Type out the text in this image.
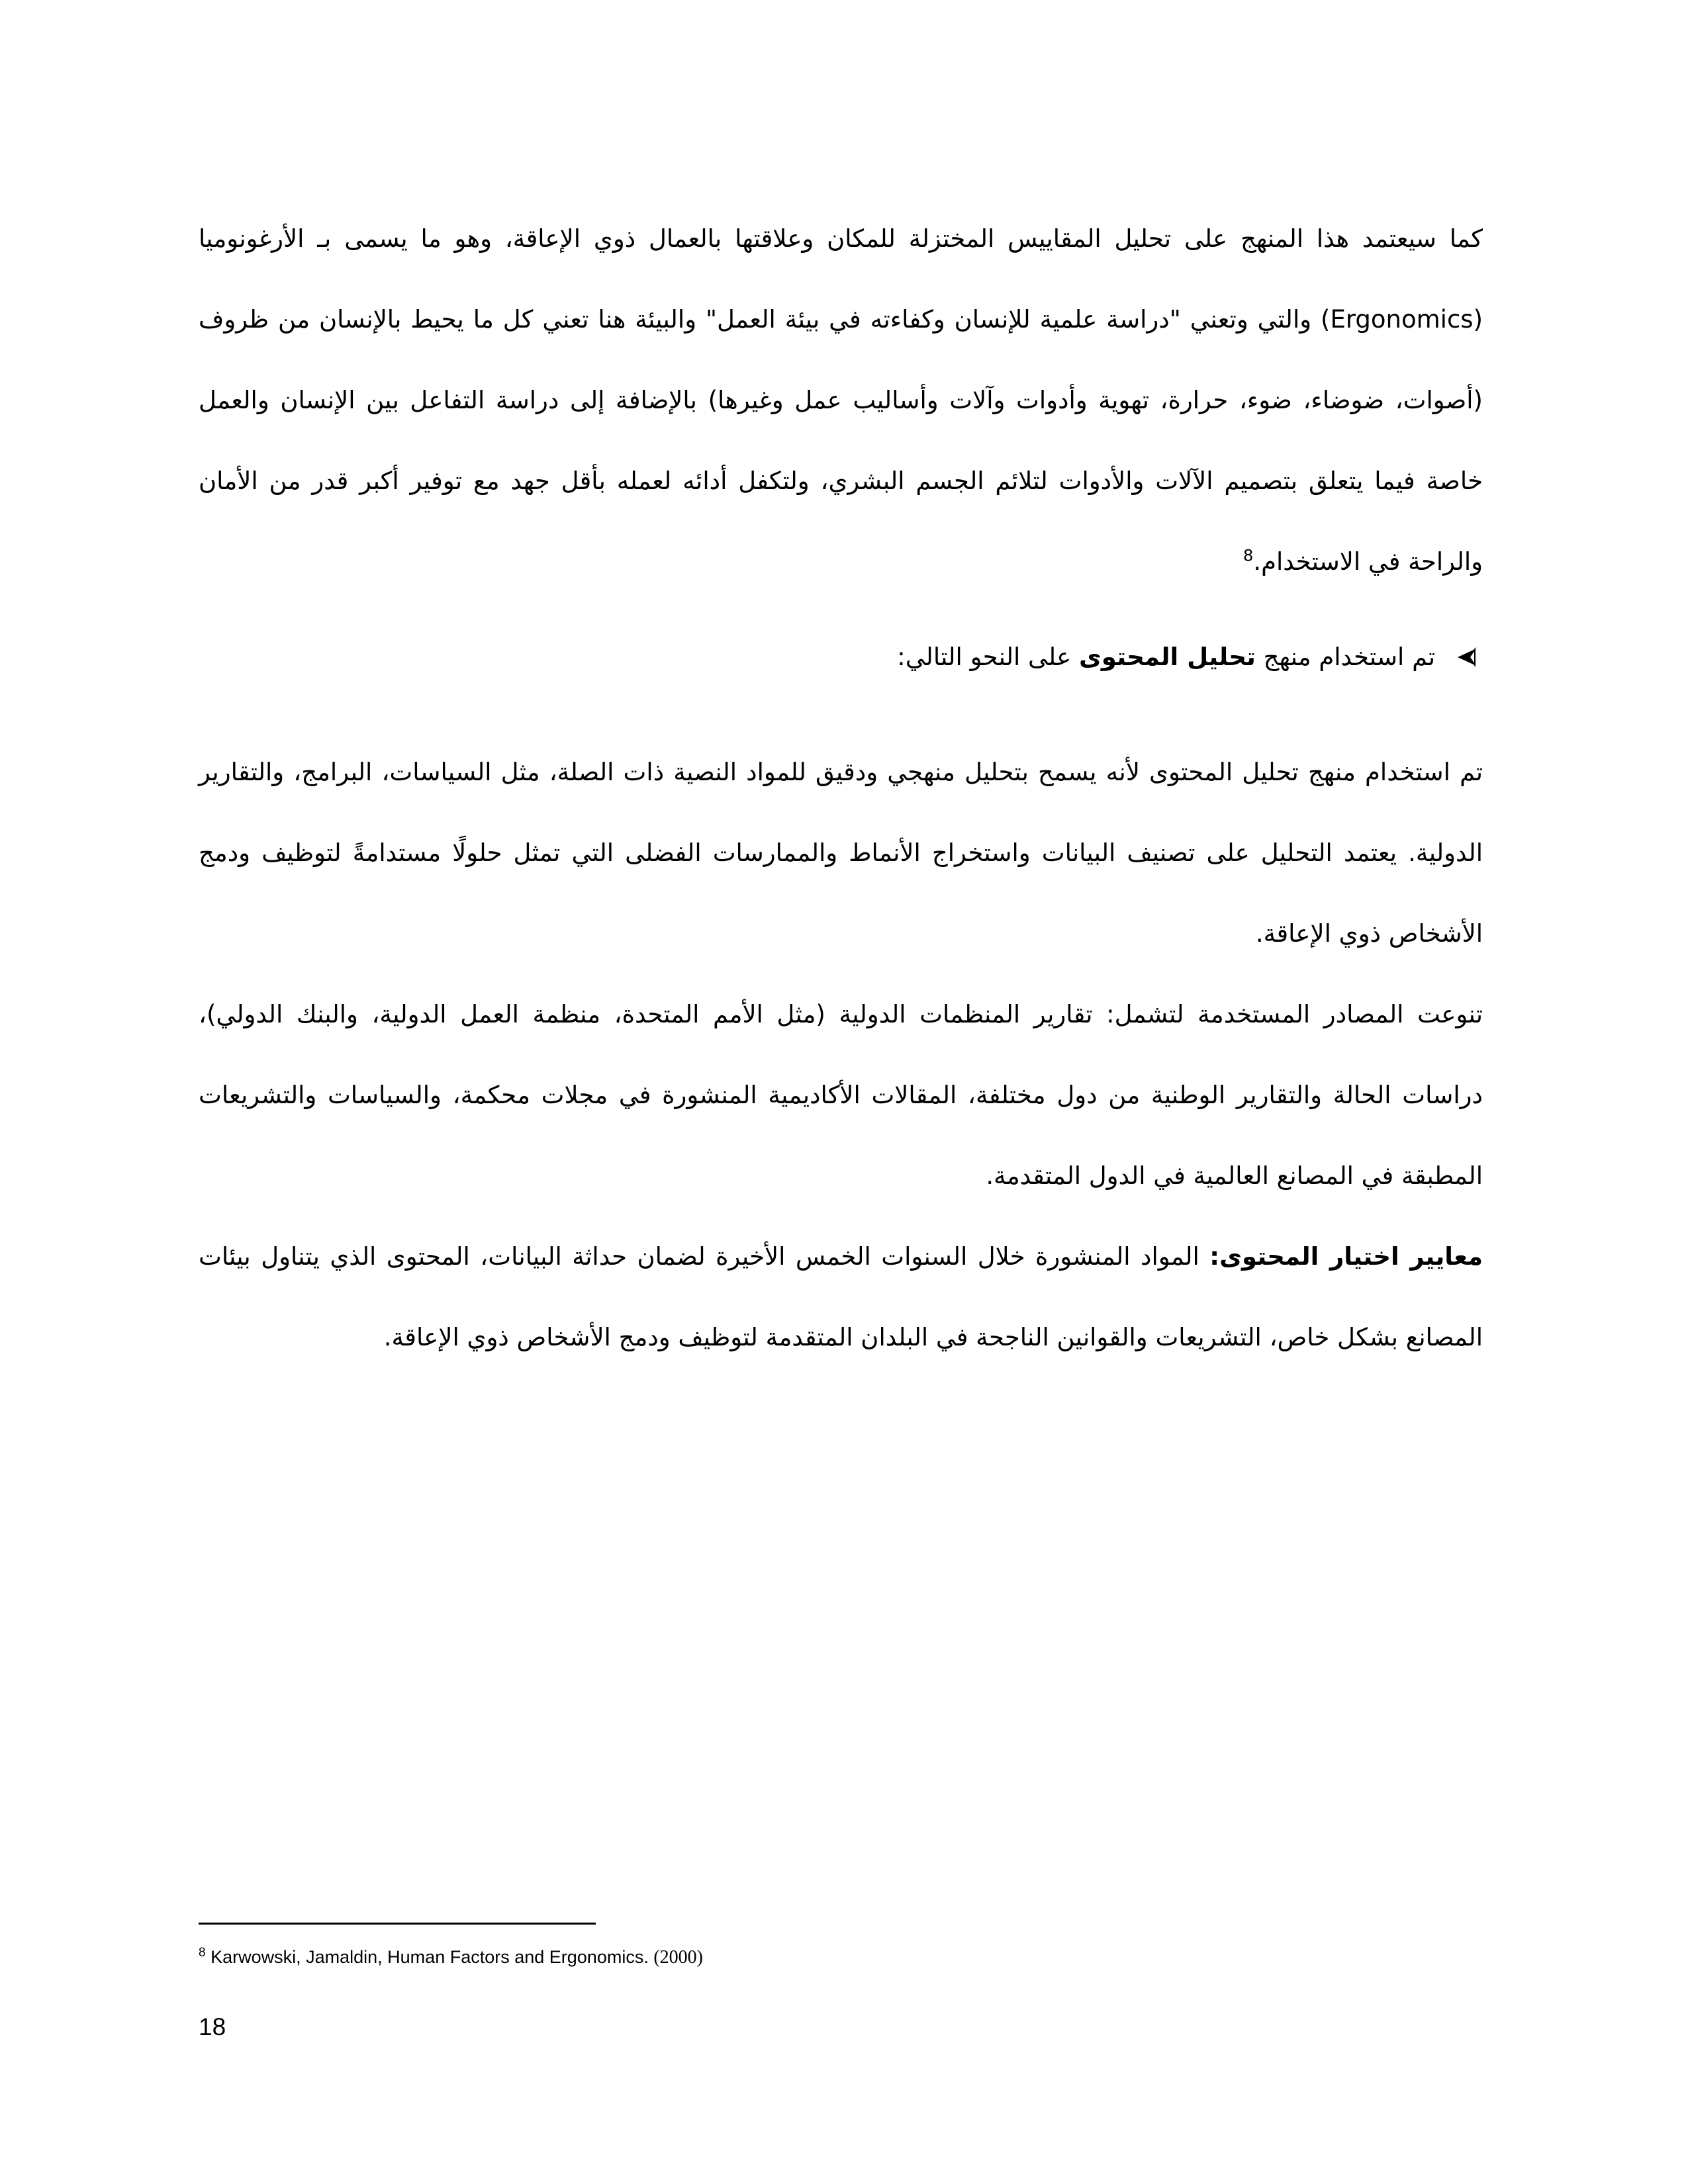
كما سيعتمد هذا المنهج على تحليل المقاييس المختزلة للمكان وعلاقتها بالعمال ذوي الإعاقة، وهو ما يسمى بـ الأرغونوميا (Ergonomics) والتي وتعني "دراسة علمية للإنسان وكفاءته في بيئة العمل" والبيئة هنا تعني كل ما يحيط بالإنسان من ظروف (أصوات، ضوضاء، ضوء، حرارة، تهوية وأدوات وآلات وأساليب عمل وغيرها) بالإضافة إلى دراسة التفاعل بين الإنسان والعمل خاصة فيما يتعلق بتصميم الآلات والأدوات لتلائم الجسم البشري، ولتكفل أدائه لعمله بأقل جهد مع توفير أكبر قدر من الأمان والراحة في الاستخدام.$^8$

تم استخدام منهج تحليل المحتوى على النحو التالي:

تم استخدام منهج تحليل المحتوى لأنه يسمح بتحليل منهجي ودقيق للمواد النصية ذات الصلة، مثل السياسات، البرامج، والتقارير الدولية. يعتمد التحليل على تصنيف البيانات واستخراج الأنماط والممارسات الفضلى التي تمثل حلولًا مستدامةً لتوظيف ودمج الأشخاص ذوي الإعاقة.

تنوعت المصادر المستخدمة لتشمل: تقارير المنظمات الدولية (مثل الأمم المتحدة، منظمة العمل الدولية، والبنك الدولي)، دراسات الحالة والتقارير الوطنية من دول مختلفة، المقالات الأكاديمية المنشورة في مجلات محكمة، والسياسات والتشريعات المطبقة في المصانع العالمية في الدول المتقدمة.

معايير اختيار المحتوى: المواد المنشورة خلال السنوات الخمس الأخيرة لضمان حداثة البيانات، المحتوى الذي يتناول بيئات المصانع بشكل خاص، التشريعات والقوانين الناجحة في البلدان المتقدمة لتوظيف ودمج الأشخاص ذوي الإعاقة.

$^8$ Karwowski, Jamaldin, Human Factors and Ergonomics. (2000)
18
